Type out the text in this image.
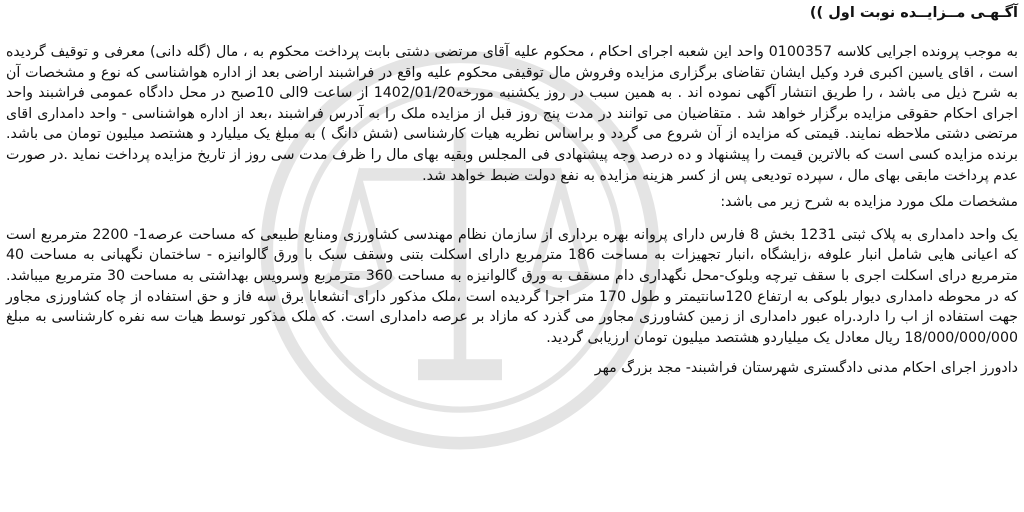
آگـهـی مــزایــده نوبت اول ))

به موجب پرونده اجرایی کلاسه 0100357 واحد این شعبه اجرای احکام ، محکوم علیه آقای مرتضی دشتی بابت پرداخت محکوم به ، مال (گله دانی) معرفی و توقیف گردیده است ، اقای یاسین اکبری فرد وکیل ایشان تقاضای برگزاری مزایده وفروش مال توقیفی محکوم علیه واقع در فراشبند اراضی بعد از اداره هواشناسی که نوع و مشخصات آن به شرح ذیل می باشد ، را طریق انتشار آگهی نموده اند . به همین سبب در روز یکشنبه مورخه1402/01/20 از ساعت 9الی 10صبح در محل دادگاه عمومی فراشبند واحد اجرای احکام حقوقی مزایده برگزار خواهد شد . متقاضیان می توانند در مدت پنج روز قبل از مزایده ملک را به آدرس فراشبند ،بعد از اداره هواشناسی - واحد دامداری اقای مرتضی دشتی ملاحظه نمایند. قیمتی که مزایده از آن شروع می گردد و براساس نظریه هیات کارشناسی (شش دانگ ) به مبلغ یک میلیارد و هشتصد میلیون تومان می باشد. برنده مزایده کسی است که بالاترین قیمت را پیشنهاد و ده درصد وجه پیشنهادی فی المجلس وبقیه بهای مال را ظرف مدت سی روز از تاریخ مزایده پرداخت نماید .در صورت عدم پرداخت مابقی بهای مال ، سپرده تودیعی پس از کسر هزینه مزایده به نفع دولت ضبط خواهد شد.

مشخصات ملک مورد مزایده به شرح زیر می باشد:

یک واحد دامداری به پلاک ثبتی 1231 بخش 8 فارس دارای پروانه بهره برداری از سازمان نظام مهندسی کشاورزی ومنابع طبیعی که مساحت عرصه1- 2200 مترمربع است که اعیانی هایی شامل انبار علوفه ،زایشگاه ،انبار تجهیزات به مساحت 186 مترمربع دارای اسکلت بتنی وسقف سبک با ورق گالوانیزه - ساختمان نگهبانی به مساحت 40 مترمربع درای اسکلت اجری با سقف تیرچه وبلوک-محل نگهداری دام مسقف به ورق گالوانیزه به مساحت 360 مترمربع وسرویس بهداشتی به مساحت 30 مترمربع میباشد. که در محوطه دامداری دیوار بلوکی به ارتفاع 120سانتیمتر و طول 170 متر اجرا گردیده است ،ملک مذکور دارای انشعابا برق سه فاز و حق استفاده از چاه کشاورزی مجاور جهت استفاده از اب را دارد.راه عبور دامداری از زمین کشاورزی مجاور می گذرد که مازاد بر عرصه دامداری است. که ملک مذکور توسط هیات سه نفره کارشناسی به مبلغ 18/000/000/000 ریال معادل یک میلیاردو هشتصد میلیون تومان ارزیابی گردید.

دادورز اجرای احکام مدنی دادگستری شهرستان فراشبند- مجد بزرگ مهر
